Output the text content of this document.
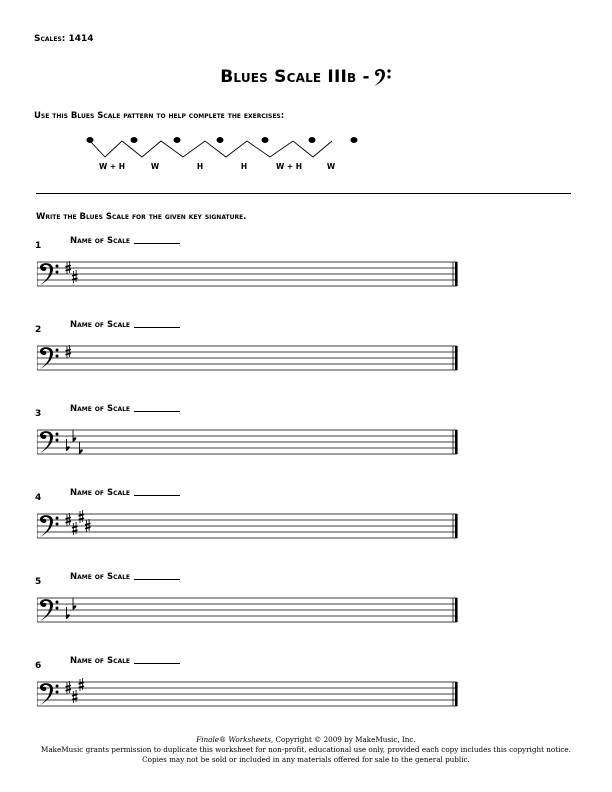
Scales: 1414
Blues Scale IIIb -
Use this Blues Scale pattern to help complete the exercises:
W + H	W	H	H	W + H	W
Write the Blues Scale for the given key signature.
1	Name of Scale
2	Name of Scale
3	Name of Scale
4	Name of Scale
5	Name of Scale
6	Name of Scale
Finale® Worksheets, Copyright © 2009 by MakeMusic, Inc.
MakeMusic grants permission to duplicate this worksheet for non-profit, educational use only, provided each copy includes this copyright notice.
Copies may not be sold or included in any materials offered for sale to the general public.
